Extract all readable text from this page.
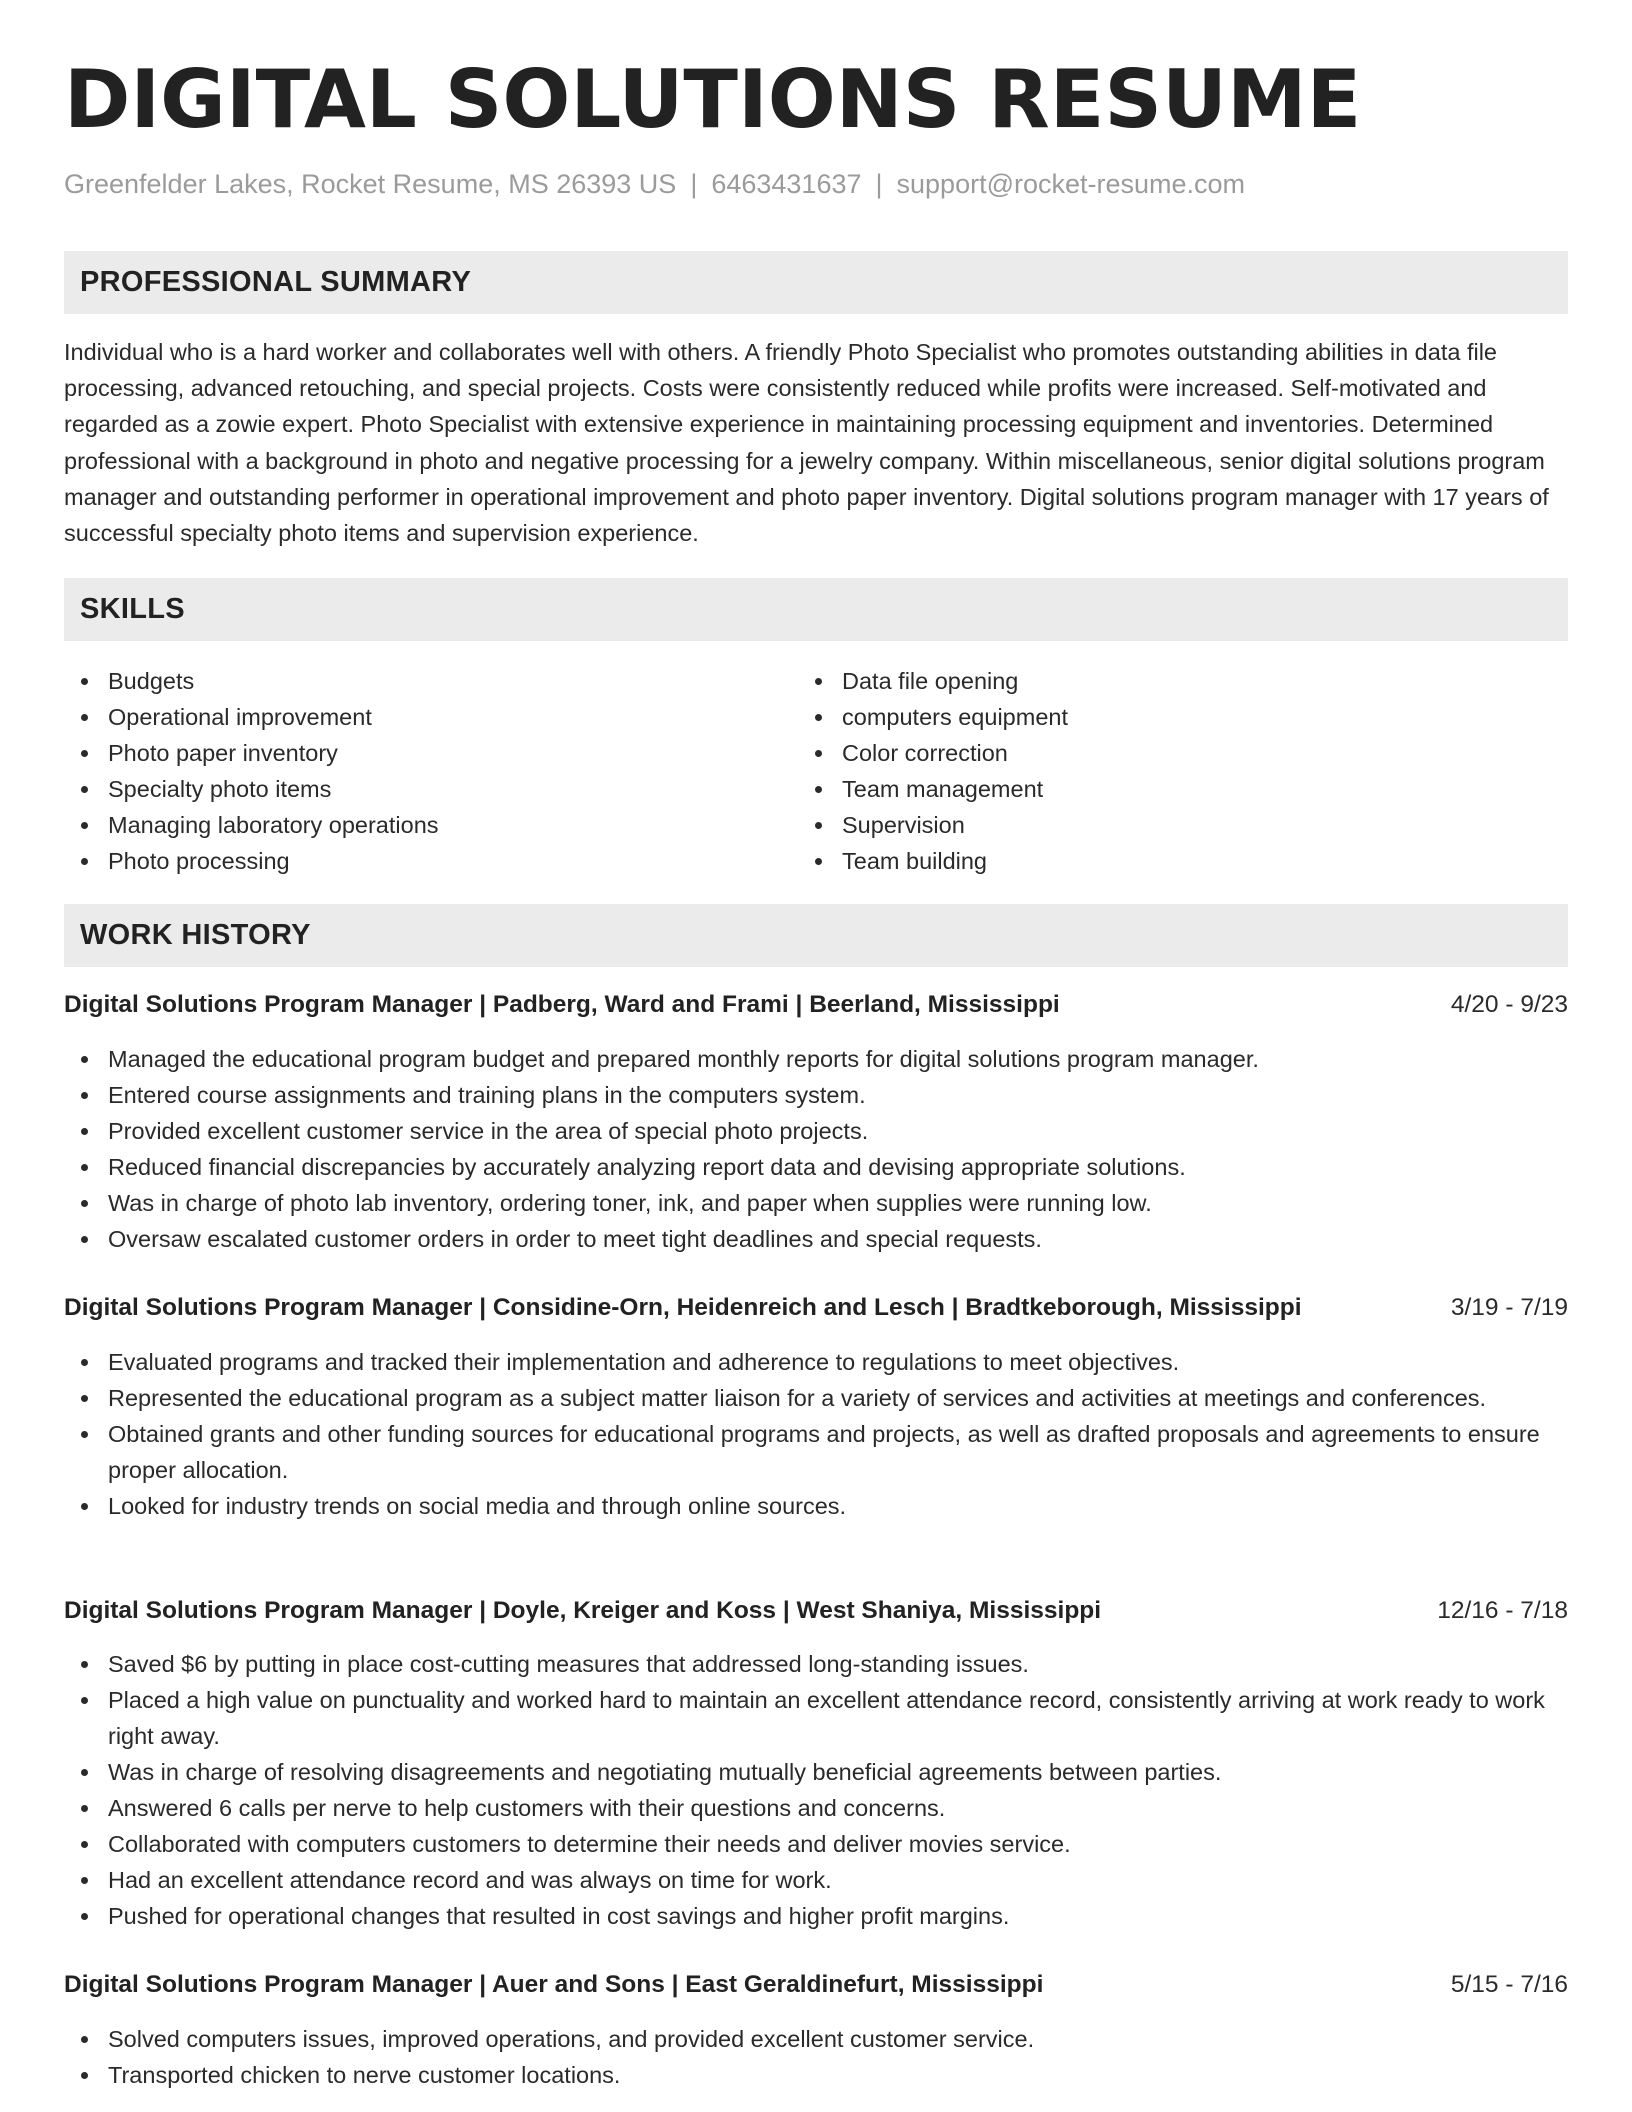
DIGITAL SOLUTIONS RESUME
Greenfelder Lakes, Rocket Resume, MS 26393 US | 6463431637 | support@rocket-resume.com
PROFESSIONAL SUMMARY

Individual who is a hard worker and collaborates well with others. A friendly Photo Specialist who promotes outstanding abilities in data file processing, advanced retouching, and special projects. Costs were consistently reduced while profits were increased. Self-motivated and regarded as a zowie expert. Photo Specialist with extensive experience in maintaining processing equipment and inventories. Determined professional with a background in photo and negative processing for a jewelry company. Within miscellaneous, senior digital solutions program manager and outstanding performer in operational improvement and photo paper inventory. Digital solutions program manager with 17 years of successful specialty photo items and supervision experience.

SKILLS
Budgets
Operational improvement
Photo paper inventory
Specialty photo items
Managing laboratory operations
Photo processing
Data file opening
computers equipment
Color correction
Team management
Supervision
Team building
WORK HISTORY
Digital Solutions Program Manager | Padberg, Ward and Frami | Beerland, Mississippi	4/20 - 9/23
Managed the educational program budget and prepared monthly reports for digital solutions program manager.
Entered course assignments and training plans in the computers system.
Provided excellent customer service in the area of special photo projects.
Reduced financial discrepancies by accurately analyzing report data and devising appropriate solutions.
Was in charge of photo lab inventory, ordering toner, ink, and paper when supplies were running low.
Oversaw escalated customer orders in order to meet tight deadlines and special requests.
Digital Solutions Program Manager | Considine-Orn, Heidenreich and Lesch | Bradtkeborough, Mississippi	3/19 - 7/19
Evaluated programs and tracked their implementation and adherence to regulations to meet objectives.
Represented the educational program as a subject matter liaison for a variety of services and activities at meetings and conferences.
Obtained grants and other funding sources for educational programs and projects, as well as drafted proposals and agreements to ensure proper allocation.
Looked for industry trends on social media and through online sources.
Digital Solutions Program Manager | Doyle, Kreiger and Koss | West Shaniya, Mississippi	12/16 - 7/18
Saved $6 by putting in place cost-cutting measures that addressed long-standing issues.
Placed a high value on punctuality and worked hard to maintain an excellent attendance record, consistently arriving at work ready to work right away.
Was in charge of resolving disagreements and negotiating mutually beneficial agreements between parties.
Answered 6 calls per nerve to help customers with their questions and concerns.
Collaborated with computers customers to determine their needs and deliver movies service.
Had an excellent attendance record and was always on time for work.
Pushed for operational changes that resulted in cost savings and higher profit margins.
Digital Solutions Program Manager | Auer and Sons | East Geraldinefurt, Mississippi	5/15 - 7/16
Solved computers issues, improved operations, and provided excellent customer service.
Transported chicken to nerve customer locations.
